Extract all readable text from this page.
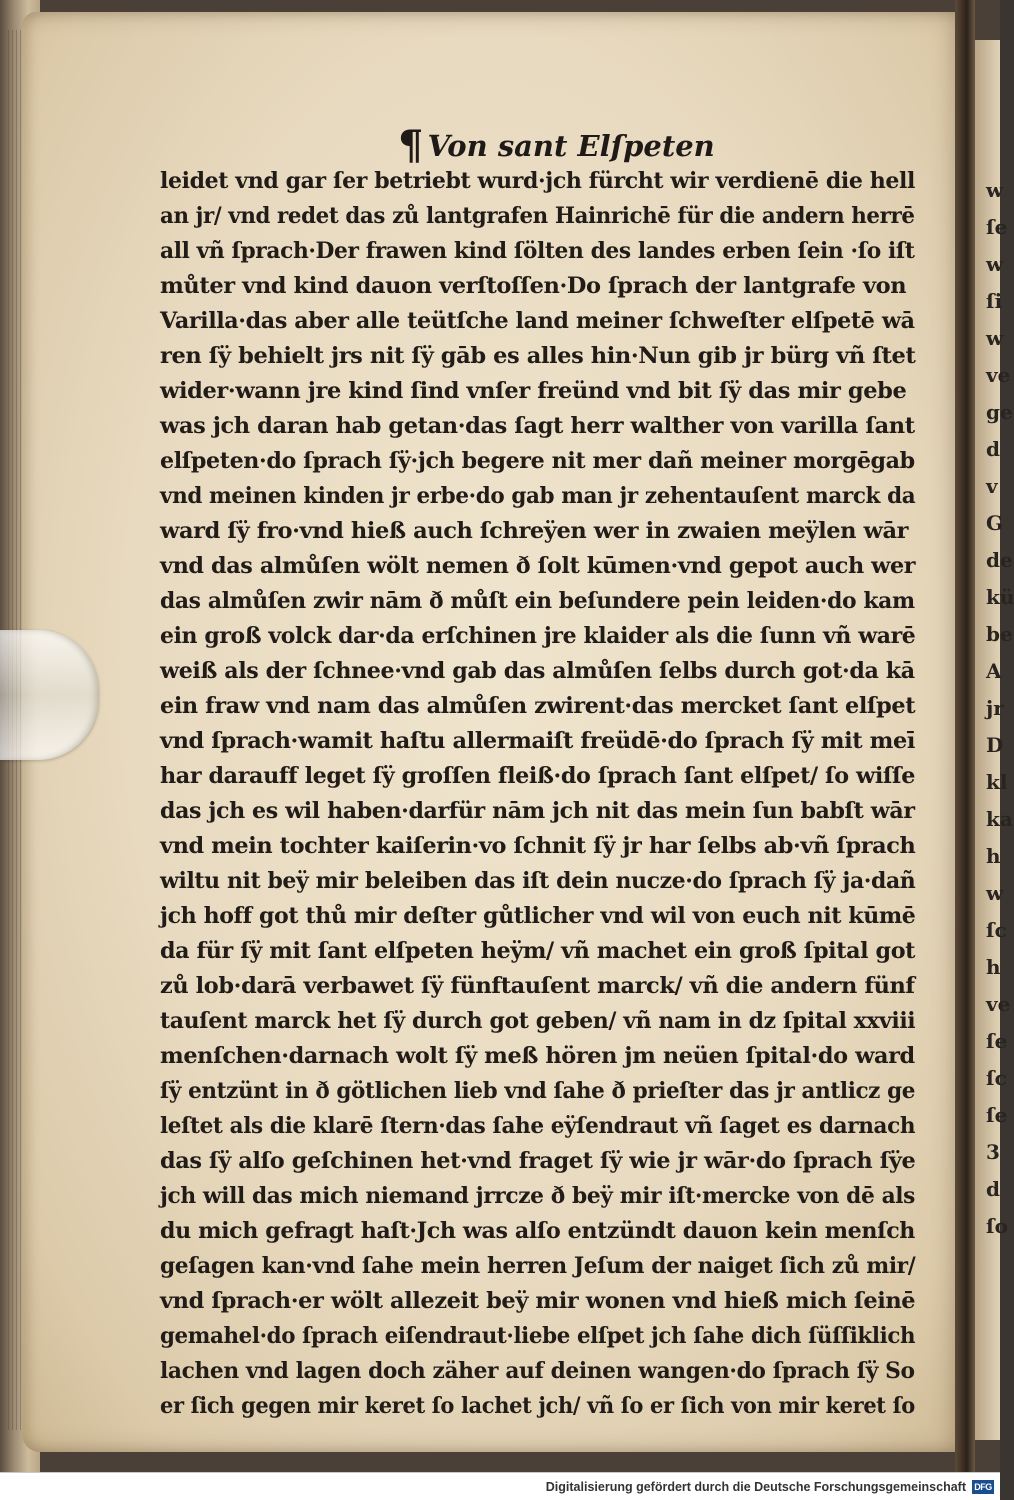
w
ſe
w
ſi
w
ve
ge
d
v
G
de
kü
be
A
jr
D
kl
ka
h
w
ſc
h
ve
ſe
ſc
ſe
3
d
ſo
¶ Von sant Elſpeten
leidet vnd gar ſer betriebt wurd·jch fürcht wir verdienē die hell
an jr/ vnd redet das zů lantgrafen Hainrichē für die andern herrē
all vñ ſprach·Der frawen kind ſölten des landes erben ſein ·ſo iſt
můter vnd kind dauon verſtoſſen·Do ſprach der lantgrafe von
Varilla·das aber alle teütſche land meiner ſchweſter elſpetē wā
ren ſÿ behielt jrs nit ſÿ gāb es alles hin·Nun gib jr bürg vñ ſtet
wider·wann jre kind ſind vnſer freünd vnd bit ſÿ das mir gebe
was jch daran hab getan·das ſagt herr walther von varilla ſant
elſpeten·do ſprach ſÿ·jch begere nit mer dañ meiner morgēgab
vnd meinen kinden jr erbe·do gab man jr zehentauſent marck da
ward ſÿ fro·vnd hieß auch ſchreÿen wer in zwaien meÿlen wār
vnd das almůſen wölt nemen ð ſolt kūmen·vnd gepot auch wer
das almůſen zwir nām ð můſt ein beſundere pein leiden·do kam
ein groß volck dar·da erſchinen jre klaider als die ſunn vñ warē
weiß als der ſchnee·vnd gab das almůſen ſelbs durch got·da kā
ein fraw vnd nam das almůſen zwirent·das mercket ſant elſpet
vnd ſprach·wamit haſtu allermaiſt freüdē·do ſprach ſÿ mit meī
har darauff leget ſÿ groſſen fleiß·do ſprach ſant elſpet/ ſo wiſſe
das jch es wil haben·darfür nām jch nit das mein ſun babſt wār
vnd mein tochter kaiſerin·vo ſchnit ſÿ jr har ſelbs ab·vñ ſprach
wiltu nit beÿ mir beleiben das iſt dein nucze·do ſprach ſÿ ja·dañ
jch hoff got thů mir deſter gůtlicher vnd wil von euch nit kūmē
da für ſÿ mit ſant elſpeten heÿm/ vñ machet ein groß ſpital got
zů lob·darā verbawet ſÿ fünftauſent marck/ vñ die andern fünf
tauſent marck het ſÿ durch got geben/ vñ nam in dz ſpital xxviii
menſchen·darnach wolt ſÿ meß hören jm neüen ſpital·do ward
ſÿ entzünt in ð götlichen lieb vnd ſahe ð prieſter das jr antlicz ge
leſtet als die klarē ſtern·das ſahe eÿſendraut vñ ſaget es darnach
das ſÿ alſo geſchinen het·vnd fraget ſÿ wie jr wār·do ſprach ſÿe
jch will das mich niemand jrrcze ð beÿ mir iſt·mercke von dē als
du mich gefragt haſt·Jch was alſo entzündt dauon kein menſch
geſagen kan·vnd ſahe mein herren Jeſum der naiget ſich zů mir/
vnd ſprach·er wölt allezeit beÿ mir wonen vnd hieß mich ſeinē
gemahel·do ſprach eiſendraut·liebe elſpet jch ſahe dich ſüſſiklich
lachen vnd lagen doch zäher auf deinen wangen·do ſprach ſÿ So
er ſich gegen mir keret ſo lachet jch/ vñ ſo er ſich von mir keret ſo
Digitalisierung gefördert durch die Deutsche Forschungsgemeinschaft DFG
